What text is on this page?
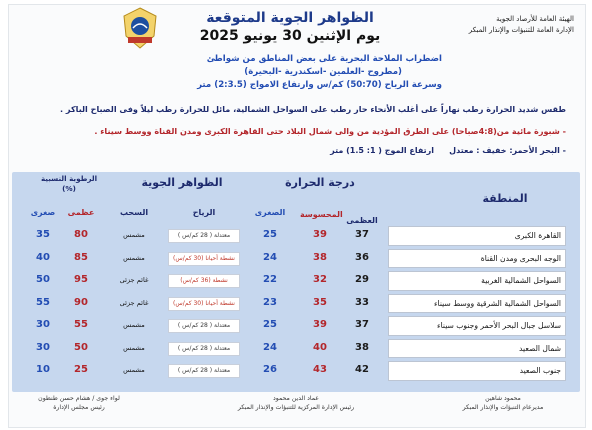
الظواهر الجوية المتوقعة
يوم الإثنين 30 يونيو 2025
الهيئة العامة للأرصاد الجوية
الإدارة العامة للتنبؤات والإنذار المبكر
اضطراب الملاحة البحرية على بعض المناطق من شواطئ
(مطروح -العلمين -اسكندرية -البحيرة)
وسرعة الرياح (50:70) كم/س وارتفاع الامواج (2:3.5) متر
طقس شديد الحرارة رطب نهاراً على أغلب الأنحاء حار رطب على السواحل الشمالية، مائل للحرارة رطب ليلاً وفى الصباح الباكر .
- شبورة مائية من(4:8صباحا) على الطرق المؤدية من والى شمال البلاد حتى القاهرة الكبرى ومدن القناة ووسط سيناء .
- البحر الأحمر: خفيف : معتدل
ارتفاع الموج ( 1: 1.5) متر
المنطقة
درجة الحرارة
الظواهر الجوية
الرطوبة النسبية (%)
العظمى
المحسوسة
الصغرى
الرياح
السحب
عظمى
صغرى
القاهرة الكبرى
37
39
25
معتدلة ( 28 كم/س )
مشمس
80
35
الوجه البحرى ومدن القناة
36
38
24
نشطة أحيانا (30 كم/س)
مشمس
85
40
السواحل الشمالية الغربية
29
32
22
نشطة (36 كم/س)
غائم جزئى
95
50
السواحل الشمالية الشرقية ووسط سيناء
33
35
23
نشطة أحيانا (30 كم/س)
غائم جزئى
90
55
سلاسل جبال البحر الأحمر وجنوب سيناء
37
39
25
معتدلة ( 28 كم/س )
مشمس
55
30
شمال الصعيد
38
40
24
معتدلة ( 28 كم/س )
مشمس
50
30
جنوب الصعيد
42
43
26
معتدلة ( 28 كم/س )
مشمس
25
10
لواء جوى / هشام حسن طنطون
رئيس مجلس الإدارة
عماد الدين محمود
رئيس الإدارة المركزية للتنبؤات والإنذار المبكر
محمود شاهين
مديرعام التنبؤات والإنذار المبكر
